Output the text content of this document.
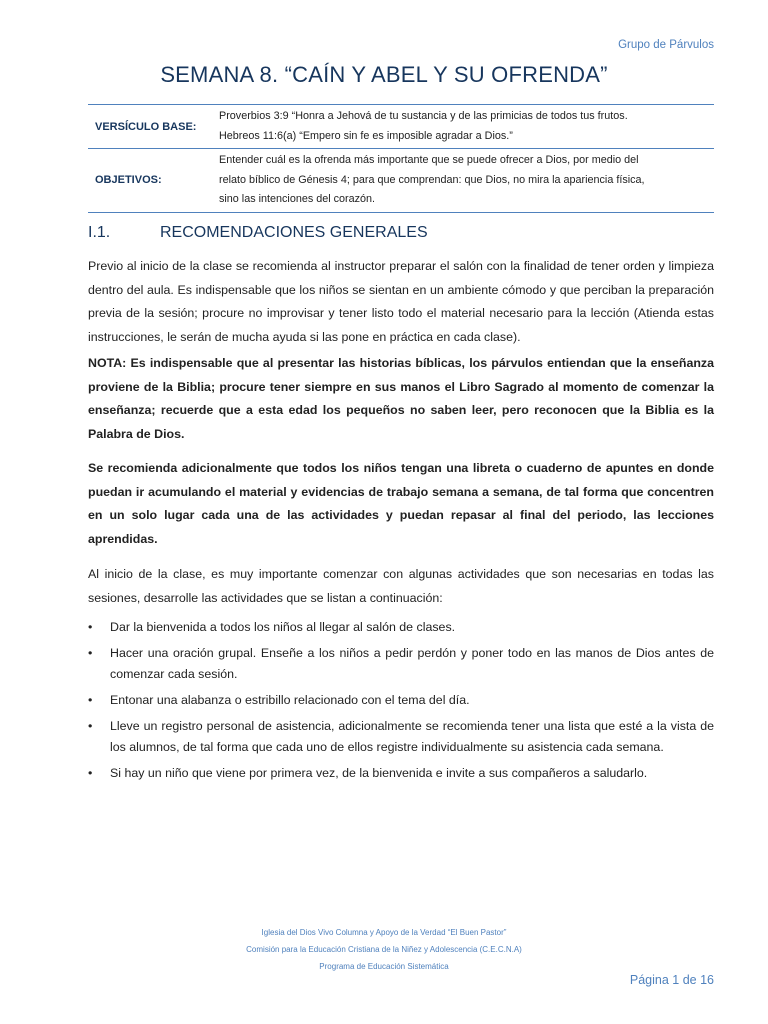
Grupo de Párvulos
SEMANA 8. “CAÍN Y ABEL Y SU OFRENDA”
VERSÍCULO BASE:	Proverbios 3:9 “Honra a Jehová de tu sustancia y de las primicias de todos tus frutos.
Hebreos 11:6(a) “Empero sin fe es imposible agradar a Dios.”

OBJETIVOS:	Entender cuál es la ofrenda más importante que se puede ofrecer a Dios, por medio del
relato bíblico de Génesis 4; para que comprendan: que Dios, no mira la apariencia física,
sino las intenciones del corazón.
I.1.	RECOMENDACIONES GENERALES

Previo al inicio de la clase se recomienda al instructor preparar el salón con la finalidad de tener orden y limpieza dentro del aula. Es indispensable que los niños se sientan en un ambiente cómodo y que perciban la preparación previa de la sesión; procure no improvisar y tener listo todo el material necesario para la lección (Atienda estas instrucciones, le serán de mucha ayuda si las pone en práctica en cada clase).

NOTA: Es indispensable que al presentar las historias bíblicas, los párvulos entiendan que la enseñanza proviene de la Biblia; procure tener siempre en sus manos el Libro Sagrado al momento de comenzar la enseñanza; recuerde que a esta edad los pequeños no saben leer, pero reconocen que la Biblia es la Palabra de Dios.

Se recomienda adicionalmente que todos los niños tengan una libreta o cuaderno de apuntes en donde puedan ir acumulando el material y evidencias de trabajo semana a semana, de tal forma que concentren en un solo lugar cada una de las actividades y puedan repasar al final del periodo, las lecciones aprendidas.

Al inicio de la clase, es muy importante comenzar con algunas actividades que son necesarias en todas las sesiones, desarrolle las actividades que se listan a continuación:

• Dar la bienvenida a todos los niños al llegar al salón de clases.
• Hacer una oración grupal. Enseñe a los niños a pedir perdón y poner todo en las manos de Dios antes de comenzar cada sesión.
• Entonar una alabanza o estribillo relacionado con el tema del día.
• Lleve un registro personal de asistencia, adicionalmente se recomienda tener una lista que esté a la vista de los alumnos, de tal forma que cada uno de ellos registre individualmente su asistencia cada semana.
• Si hay un niño que viene por primera vez, de la bienvenida e invite a sus compañeros a saludarlo.
Iglesia del Dios Vivo Columna y Apoyo de la Verdad “El Buen Pastor”
Comisión para la Educación Cristiana de la Niñez y Adolescencia (C.E.C.N.A)
Programa de Educación Sistemática
Página 1 de 16
